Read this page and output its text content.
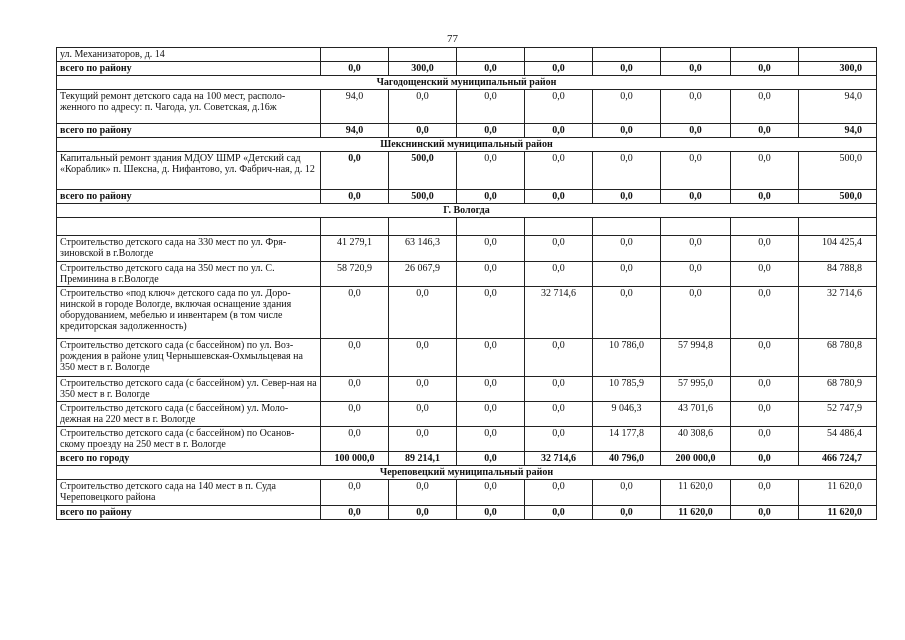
77
ул. Механизаторов, д. 14								
всего по району	0,0	300,0	0,0	0,0	0,0	0,0	0,0	300,0
Чагодощенский муниципальный район								
Текущий ремонт детского сада на 100 мест, располо-женного по адресу: п. Чагода, ул. Советская, д.16ж	94,0	0,0	0,0	0,0	0,0	0,0	0,0	94,0
всего по району	94,0	0,0	0,0	0,0	0,0	0,0	0,0	94,0
Шекснинский муниципальный район								
Капитальный ремонт здания МДОУ ШМР «Детский сад «Кораблик» п. Шексна, д. Нифантово, ул. Фабрич-ная, д. 12	0,0	500,0	0,0	0,0	0,0	0,0	0,0	500,0
всего по району	0,0	500,0	0,0	0,0	0,0	0,0	0,0	500,0
Г. Вологда								

Строительство детского сада на 330 мест по ул. Фря-зиновской в г.Вологде	41 279,1	63 146,3	0,0	0,0	0,0	0,0	0,0	104 425,4
Строительство детского сада на 350 мест по ул. С. Преминина в г.Вологде	58 720,9	26 067,9	0,0	0,0	0,0	0,0	0,0	84 788,8
Строительство «под ключ» детского сада по ул. Доро-нинской в городе Вологде, включая оснащение здания оборудованием, мебелью и инвентарем (в том числе кредиторская задолженность)	0,0	0,0	0,0	32 714,6	0,0	0,0	0,0	32 714,6
Строительство детского сада (с бассейном) по ул. Воз-рождения в районе улиц Чернышевская-Охмыльцевая на 350 мест в г. Вологде	0,0	0,0	0,0	0,0	10 786,0	57 994,8	0,0	68 780,8
Строительство детского сада (с бассейном) ул. Север-ная на 350 мест в г. Вологде	0,0	0,0	0,0	0,0	10 785,9	57 995,0	0,0	68 780,9
Строительство детского сада (с бассейном) ул. Моло-дежная на 220 мест в г. Вологде	0,0	0,0	0,0	0,0	9 046,3	43 701,6	0,0	52 747,9
Строительство детского сада (с бассейном) по Осанов-скому проезду на 250 мест в г. Вологде	0,0	0,0	0,0	0,0	14 177,8	40 308,6	0,0	54 486,4
всего по городу	100 000,0	89 214,1	0,0	32 714,6	40 796,0	200 000,0	0,0	466 724,7
Череповецкий муниципальный район								
Строительство детского сада на 140 мест в п. Суда Череповецкого района	0,0	0,0	0,0	0,0	0,0	11 620,0	0,0	11 620,0
всего по району	0,0	0,0	0,0	0,0	0,0	11 620,0	0,0	11 620,0
